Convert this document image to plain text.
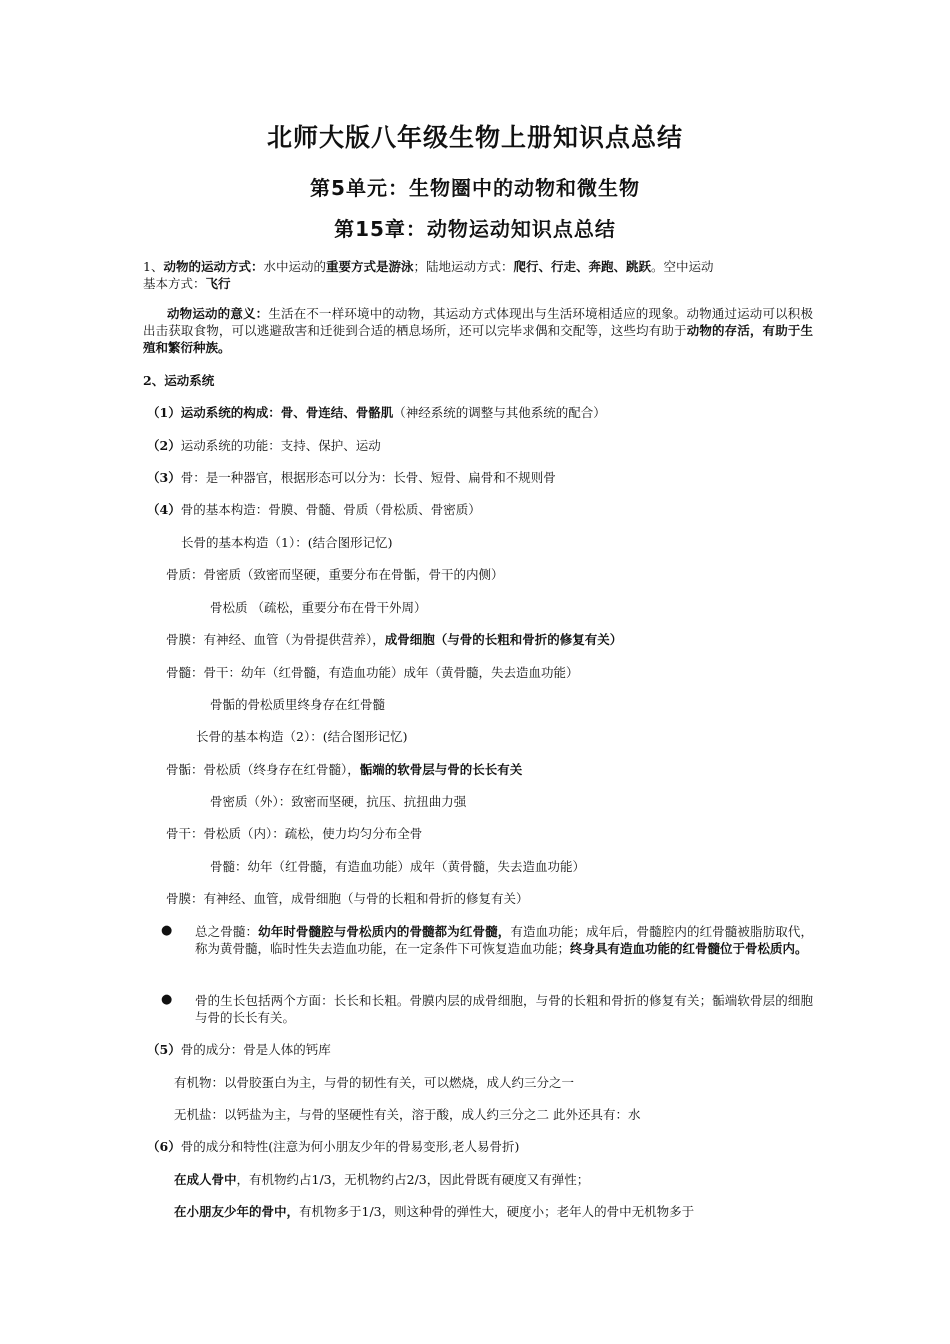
北师大版八年级生物上册知识点总结
第5单元：生物圈中的动物和微生物
第15章：动物运动知识点总结
1、动物的运动方式：水中运动的重要方式是游泳；陆地运动方式：爬行、行走、奔跑、跳跃。空中运动
基本方式：飞行
动物运动的意义：生活在不一样环境中的动物，其运动方式体现出与生活环境相适应的现象。动物通过运动可以积极出击获取食物，可以逃避敌害和迁徙到合适的栖息场所，还可以完毕求偶和交配等，这些均有助于动物的存活，有助于生殖和繁衍种族。
2、运动系统
（1）运动系统的构成：骨、骨连结、骨骼肌（神经系统的调整与其他系统的配合）
（2）运动系统的功能：支持、保护、运动
（3）骨：是一种器官，根据形态可以分为：长骨、短骨、扁骨和不规则骨
（4）骨的基本构造：骨膜、骨髓、骨质（骨松质、骨密质）
长骨的基本构造（1）：(结合图形记忆)
骨质：骨密质（致密而坚硬，重要分布在骨骺，骨干的内侧）
骨松质 （疏松，重要分布在骨干外周）
骨膜：有神经、血管（为骨提供营养），成骨细胞（与骨的长粗和骨折的修复有关）
骨髓：骨干：幼年（红骨髓，有造血功能）成年（黄骨髓，失去造血功能）
骨骺的骨松质里终身存在红骨髓
长骨的基本构造（2）：(结合图形记忆)
骨骺：骨松质（终身存在红骨髓），骺端的软骨层与骨的长长有关
骨密质（外）：致密而坚硬，抗压、抗扭曲力强
骨干：骨松质（内）：疏松，使力均匀分布全骨
骨髓：幼年（红骨髓，有造血功能）成年（黄骨髓，失去造血功能）
骨膜：有神经、血管，成骨细胞（与骨的长粗和骨折的修复有关）
● 总之骨髓：幼年时骨髓腔与骨松质内的骨髓都为红骨髓，有造血功能；成年后，骨髓腔内的红骨髓被脂肪取代，称为黄骨髓，临时性失去造血功能，在一定条件下可恢复造血功能；终身具有造血功能的红骨髓位于骨松质内。
● 骨的生长包括两个方面：长长和长粗。骨膜内层的成骨细胞，与骨的长粗和骨折的修复有关；骺端软骨层的细胞与骨的长长有关。
（5）骨的成分：骨是人体的钙库
有机物：以骨胶蛋白为主，与骨的韧性有关，可以燃烧，成人约三分之一
无机盐：以钙盐为主，与骨的坚硬性有关，溶于酸，成人约三分之二 此外还具有：水
（6）骨的成分和特性(注意为何小朋友少年的骨易变形,老人易骨折)
在成人骨中，有机物约占1/3，无机物约占2/3，因此骨既有硬度又有弹性；
在小朋友少年的骨中，有机物多于1/3，则这种骨的弹性大，硬度小；老年人的骨中无机物多于
